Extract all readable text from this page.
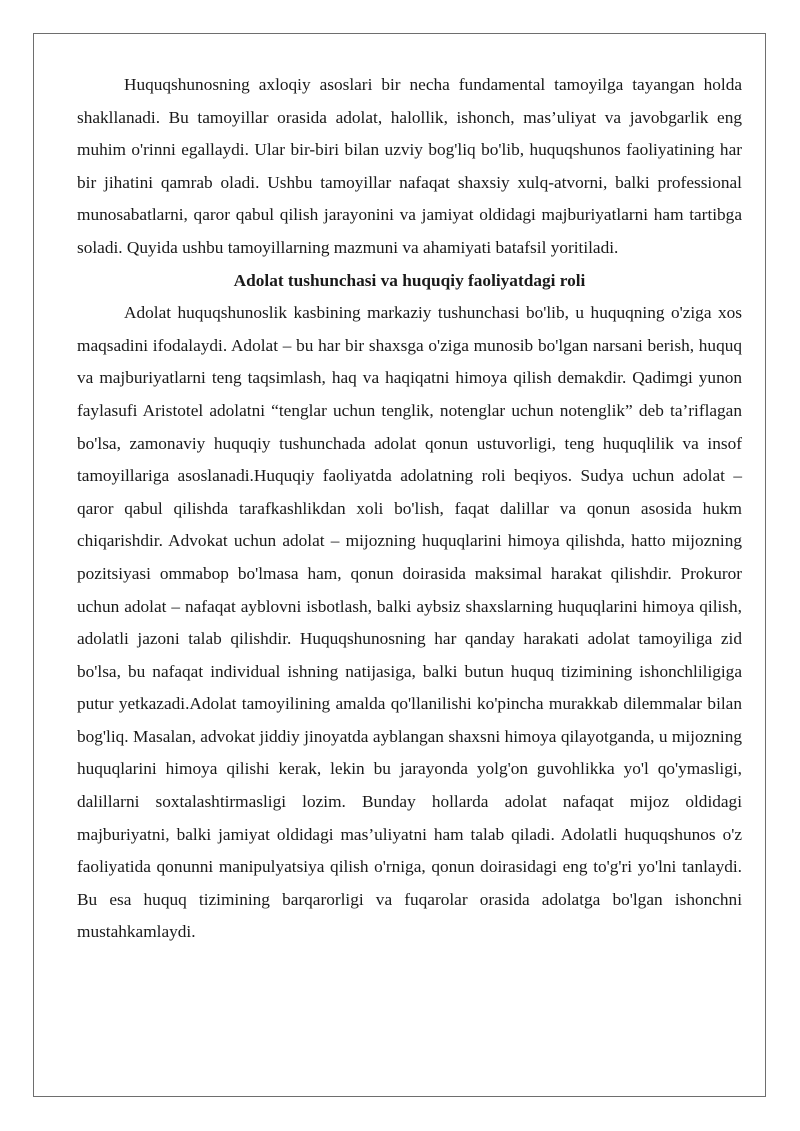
Huquqshunosning axloqiy asoslari bir necha fundamental tamoyilga tayangan holda shakllanadi. Bu tamoyillar orasida adolat, halollik, ishonch, mas’uliyat va javobgarlik eng muhim o'rinni egallaydi. Ular bir-biri bilan uzviy bog'liq bo'lib, huquqshunos faoliyatining har bir jihatini qamrab oladi. Ushbu tamoyillar nafaqat shaxsiy xulq-atvorni, balki professional munosabatlarni, qaror qabul qilish jarayonini va jamiyat oldidagi majburiyatlarni ham tartibga soladi. Quyida ushbu tamoyillarning mazmuni va ahamiyati batafsil yoritiladi.

Adolat tushunchasi va huquqiy faoliyatdagi roli

Adolat huquqshunoslik kasbining markaziy tushunchasi bo'lib, u huquqning o'ziga xos maqsadini ifodalaydi. Adolat – bu har bir shaxsga o'ziga munosib bo'lgan narsani berish, huquq va majburiyatlarni teng taqsimlash, haq va haqiqatni himoya qilish demakdir. Qadimgi yunon faylasufi Aristotel adolatni “tenglar uchun tenglik, notenglar uchun notenglik” deb ta’riflagan bo'lsa, zamonaviy huquqiy tushunchada adolat qonun ustuvorligi, teng huquqlilik va insof tamoyillariga asoslanadi.Huquqiy faoliyatda adolatning roli beqiyos. Sudya uchun adolat – qaror qabul qilishda tarafkashlikdan xoli bo'lish, faqat dalillar va qonun asosida hukm chiqarishdir. Advokat uchun adolat – mijozning huquqlarini himoya qilishda, hatto mijozning pozitsiyasi ommabop bo'lmasa ham, qonun doirasida maksimal harakat qilishdir. Prokuror uchun adolat – nafaqat ayblovni isbotlash, balki aybsiz shaxslarning huquqlarini himoya qilish, adolatli jazoni talab qilishdir. Huquqshunosning har qanday harakati adolat tamoyiliga zid bo'lsa, bu nafaqat individual ishning natijasiga, balki butun huquq tizimining ishonchliligiga putur yetkazadi.Adolat tamoyilining amalda qo'llanilishi ko'pincha murakkab dilemmalar bilan bog'liq. Masalan, advokat jiddiy jinoyatda ayblangan shaxsni himoya qilayotganda, u mijozning huquqlarini himoya qilishi kerak, lekin bu jarayonda yolg'on guvohlikka yo'l qo'ymasligi, dalillarni soxtalashtirmasligi lozim. Bunday hollarda adolat nafaqat mijoz oldidagi majburiyatni, balki jamiyat oldidagi mas’uliyatni ham talab qiladi. Adolatli huquqshunos o'z faoliyatida qonunni manipulyatsiya qilish o'rniga, qonun doirasidagi eng to'g'ri yo'lni tanlaydi. Bu esa huquq tizimining barqarorligi va fuqarolar orasida adolatga bo'lgan ishonchni mustahkamlaydi.
